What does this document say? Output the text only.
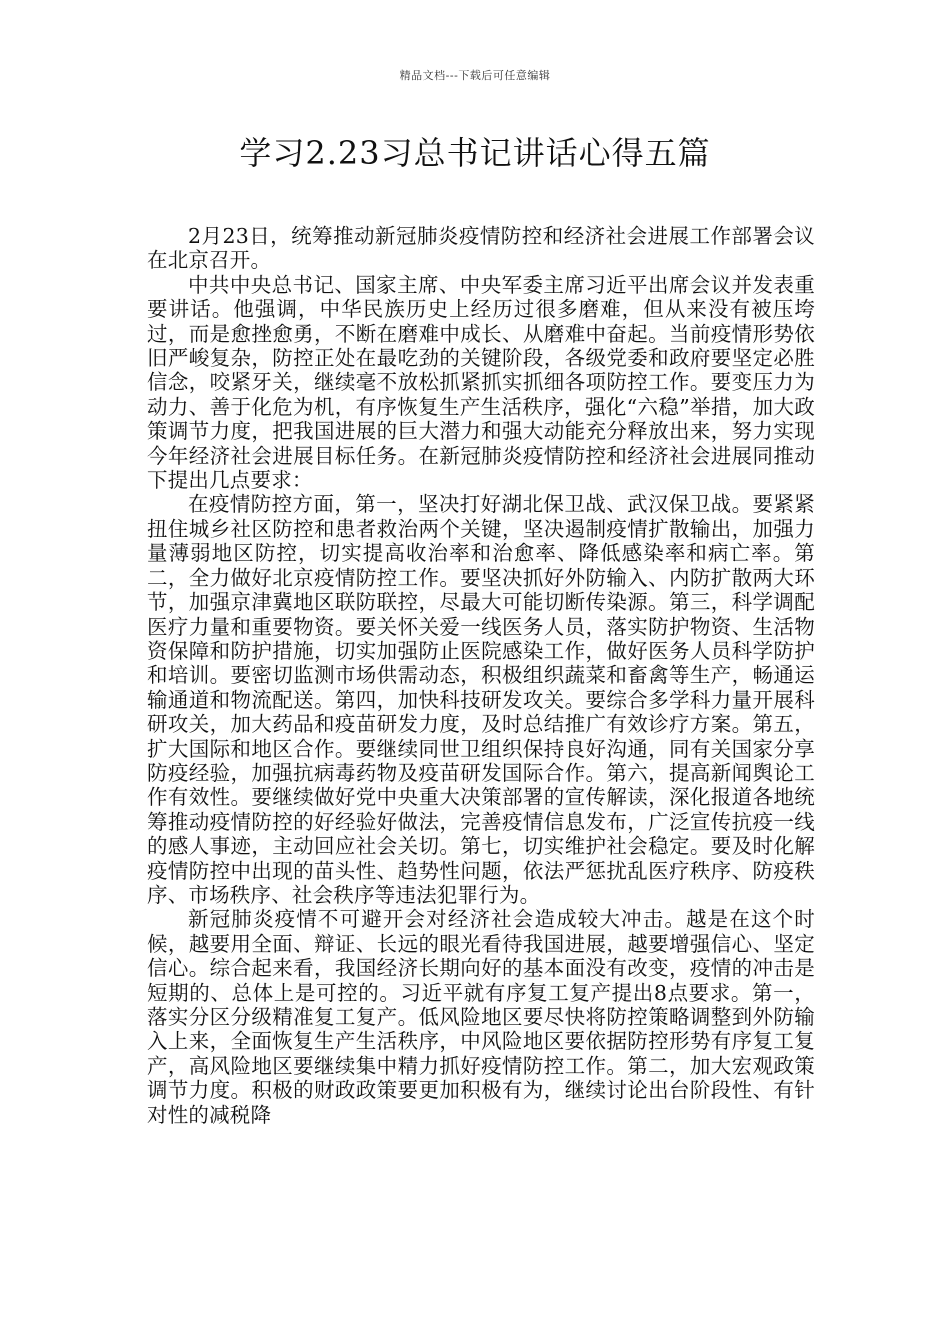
精品文档---下载后可任意编辑
学习2.23习总书记讲话心得五篇

2月23日，统筹推动新冠肺炎疫情防控和经济社会进展工作部署会议在北京召开。

中共中央总书记、国家主席、中央军委主席习近平出席会议并发表重要讲话。他强调，中华民族历史上经历过很多磨难，但从来没有被压垮过，而是愈挫愈勇，不断在磨难中成长、从磨难中奋起。当前疫情形势依旧严峻复杂，防控正处在最吃劲的关键阶段，各级党委和政府要坚定必胜信念，咬紧牙关，继续毫不放松抓紧抓实抓细各项防控工作。要变压力为动力、善于化危为机，有序恢复生产生活秩序，强化“六稳”举措，加大政策调节力度，把我国进展的巨大潜力和强大动能充分释放出来，努力实现今年经济社会进展目标任务。在新冠肺炎疫情防控和经济社会进展同推动下提出几点要求：

在疫情防控方面，第一，坚决打好湖北保卫战、武汉保卫战。要紧紧扭住城乡社区防控和患者救治两个关键，坚决遏制疫情扩散输出，加强力量薄弱地区防控，切实提高收治率和治愈率、降低感染率和病亡率。第二，全力做好北京疫情防控工作。要坚决抓好外防输入、内防扩散两大环节，加强京津冀地区联防联控，尽最大可能切断传染源。第三，科学调配医疗力量和重要物资。要关怀关爱一线医务人员，落实防护物资、生活物资保障和防护措施，切实加强防止医院感染工作，做好医务人员科学防护和培训。要密切监测市场供需动态，积极组织蔬菜和畜禽等生产，畅通运输通道和物流配送。第四，加快科技研发攻关。要综合多学科力量开展科研攻关，加大药品和疫苗研发力度，及时总结推广有效诊疗方案。第五，扩大国际和地区合作。要继续同世卫组织保持良好沟通，同有关国家分享防疫经验，加强抗病毒药物及疫苗研发国际合作。第六，提高新闻舆论工作有效性。要继续做好党中央重大决策部署的宣传解读，深化报道各地统筹推动疫情防控的好经验好做法，完善疫情信息发布，广泛宣传抗疫一线的感人事迹，主动回应社会关切。第七，切实维护社会稳定。要及时化解疫情防控中出现的苗头性、趋势性问题，依法严惩扰乱医疗秩序、防疫秩序、市场秩序、社会秩序等违法犯罪行为。

新冠肺炎疫情不可避开会对经济社会造成较大冲击。越是在这个时候，越要用全面、辩证、长远的眼光看待我国进展，越要增强信心、坚定信心。综合起来看，我国经济长期向好的基本面没有改变，疫情的冲击是短期的、总体上是可控的。习近平就有序复工复产提出8点要求。第一，落实分区分级精准复工复产。低风险地区要尽快将防控策略调整到外防输入上来，全面恢复生产生活秩序，中风险地区要依据防控形势有序复工复产，高风险地区要继续集中精力抓好疫情防控工作。第二，加大宏观政策调节力度。积极的财政政策要更加积极有为，继续讨论出台阶段性、有针对性的减税降
